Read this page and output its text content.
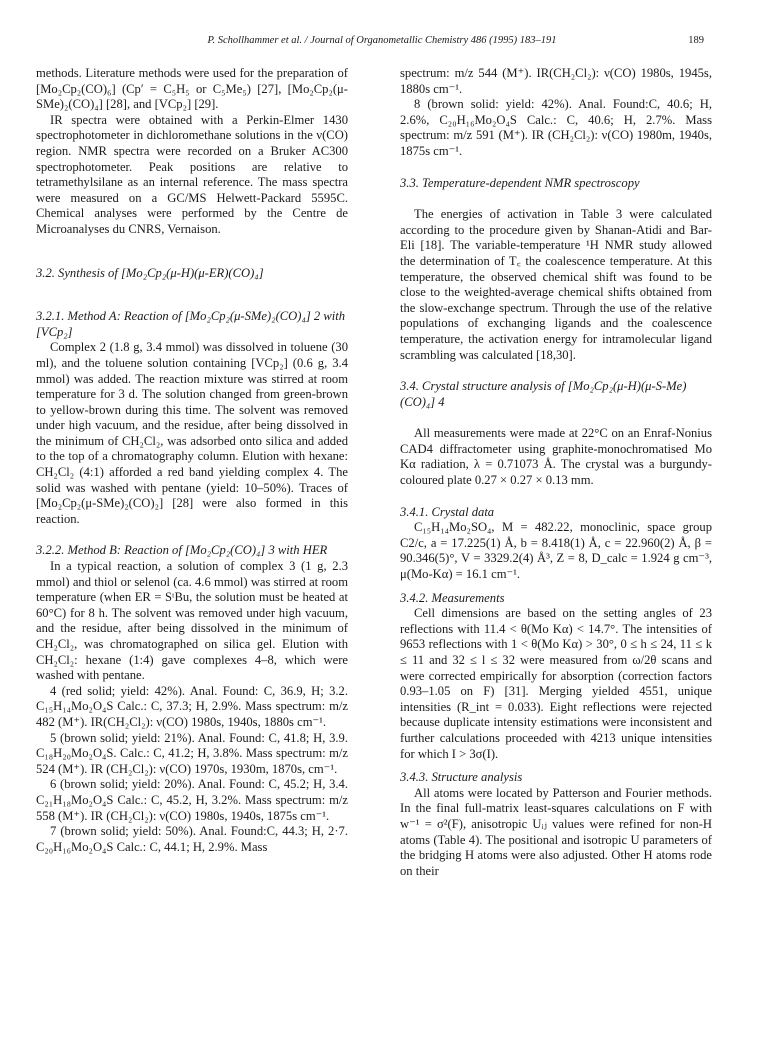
P. Schollhammer et al. / Journal of Organometallic Chemistry 486 (1995) 183–191	189

methods. Literature methods were used for the preparation of [Mo₂Cp₂(CO)₆] (Cp′ = C₅H₅ or C₅Me₅) [27], [Mo₂Cp₂(μ-SMe)₂(CO)₄] [28], and [VCp₂] [29].

IR spectra were obtained with a Perkin-Elmer 1430 spectrophotometer in dichloromethane solutions in the ν(CO) region. NMR spectra were recorded on a Bruker AC300 spectrophotometer. Peak positions are relative to tetramethylsilane as an internal reference. The mass spectra were measured on a GC/MS Helwett-Packard 5595C. Chemical analyses were performed by the Centre de Microanalyses du CNRS, Vernaison.

3.2. Synthesis of [Mo₂Cp₂(μ-H)(μ-ER)(CO)₄]
3.2.1. Method A: Reaction of [Mo₂Cp₂(μ-SMe)₂(CO)₄] 2 with [VCp₂]

Complex 2 (1.8 g, 3.4 mmol) was dissolved in toluene (30 ml), and the toluene solution containing [VCp₂] (0.6 g, 3.4 mmol) was added. The reaction mixture was stirred at room temperature for 3 d. The solution changed from green-brown to yellow-brown during this time. The solvent was removed under high vacuum, and the residue, after being dissolved in the minimum of CH₂Cl₂, was adsorbed onto silica and added to the top of a chromatography column. Elution with hexane: CH₂Cl₂ (4:1) afforded a red band yielding complex 4. The solid was washed with pentane (yield: 10–50%). Traces of [Mo₂Cp₂(μ-SMe)₂(CO)₂] [28] were also formed in this reaction.

3.2.2. Method B: Reaction of [Mo₂Cp₂(CO)₄] 3 with HER

In a typical reaction, a solution of complex 3 (1 g, 2.3 mmol) and thiol or selenol (ca. 4.6 mmol) was stirred at room temperature (when ER = SᵗBu, the solution must be heated at 60°C) for 8 h. The solvent was removed under high vacuum, and the residue, after being dissolved in the minimum of CH₂Cl₂, was chromatographed on silica gel. Elution with CH₂Cl₂: hexane (1:4) gave complexes 4–8, which were washed with pentane.

4 (red solid; yield: 42%). Anal. Found: C, 36.9, H; 3.2. C₁₅H₁₄Mo₂O₄S Calc.: C, 37.3; H, 2.9%. Mass spectrum: m/z 482 (M⁺). IR(CH₂Cl₂): ν(CO) 1980s, 1940s, 1880s cm⁻¹.

5 (brown solid; yield: 21%). Anal. Found: C, 41.8; H, 3.9. C₁₈H₂₀Mo₂O₄S. Calc.: C, 41.2; H, 3.8%. Mass spectrum: m/z 524 (M⁺). IR (CH₂Cl₂): ν(CO) 1970s, 1930m, 1870s, cm⁻¹.

6 (brown solid; yield: 20%). Anal. Found: C, 45.2; H, 3.4. C₂₁H₁₈Mo₂O₄S Calc.: C, 45.2, H, 3.2%. Mass spectrum: m/z 558 (M⁺). IR (CH₂Cl₂): ν(CO) 1980s, 1940s, 1875s cm⁻¹.

7 (brown solid; yield: 50%). Anal. Found:C, 44.3; H, 2·7. C₂₀H₁₆Mo₂O₄S Calc.: C, 44.1; H, 2.9%. Mass

spectrum: m/z 544 (M⁺). IR(CH₂Cl₂): ν(CO) 1980s, 1945s, 1880s cm⁻¹.

8 (brown solid: yield: 42%). Anal. Found:C, 40.6; H, 2.6%, C₂₀H₁₆Mo₂O₄S Calc.: C, 40.6; H, 2.7%. Mass spectrum: m/z 591 (M⁺). IR (CH₂Cl₂): ν(CO) 1980m, 1940s, 1875s cm⁻¹.

3.3. Temperature-dependent NMR spectroscopy

The energies of activation in Table 3 were calculated according to the procedure given by Shanan-Atidi and Bar-Eli [18]. The variable-temperature ¹H NMR study allowed the determination of T꜀ the coalescence temperature. At this temperature, the observed chemical shift was found to be close to the weighted-average chemical shifts obtained from the slow-exchange spectrum. Through the use of the relative populations of exchanging ligands and the coalescence temperature, the activation energy for intramolecular ligand scrambling was calculated [18,30].

3.4. Crystal structure analysis of [Mo₂Cp₂(μ-H)(μ-S-Me)(CO)₄] 4

All measurements were made at 22°C on an Enraf-Nonius CAD4 diffractometer using graphite-monochromatised Mo Kα radiation, λ = 0.71073 Å. The crystal was a burgundy-coloured plate 0.27 × 0.27 × 0.13 mm.

3.4.1. Crystal data

C₁₅H₁₄Mo₂SO₄, M = 482.22, monoclinic, space group C2/c, a = 17.225(1) Å, b = 8.418(1) Å, c = 22.960(2) Å, β = 90.346(5)°, V = 3329.2(4) Å³, Z = 8, D_calc = 1.924 g cm⁻³, μ(Mo-Kα) = 16.1 cm⁻¹.

3.4.2. Measurements

Cell dimensions are based on the setting angles of 23 reflections with 11.4 < θ(Mo Kα) < 14.7°. The intensities of 9653 reflections with 1 < θ(Mo Kα) > 30°, 0 ≤ h ≤ 24, 11 ≤ k ≤ 11 and 32 ≤ l ≤ 32 were measured from ω/2θ scans and were corrected empirically for absorption (correction factors 0.93–1.05 on F) [31]. Merging yielded 4551, unique intensities (R_int = 0.033). Eight reflections were rejected because duplicate intensity estimations were inconsistent and further calculations proceeded with 4213 unique intensities for which I > 3σ(I).

3.4.3. Structure analysis

All atoms were located by Patterson and Fourier methods. In the final full-matrix least-squares calculations on F with w⁻¹ = σ²(F), anisotropic Uᵢⱼ values were refined for non-H atoms (Table 4). The positional and isotropic U parameters of the bridging H atoms were also adjusted. Other H atoms rode on their
